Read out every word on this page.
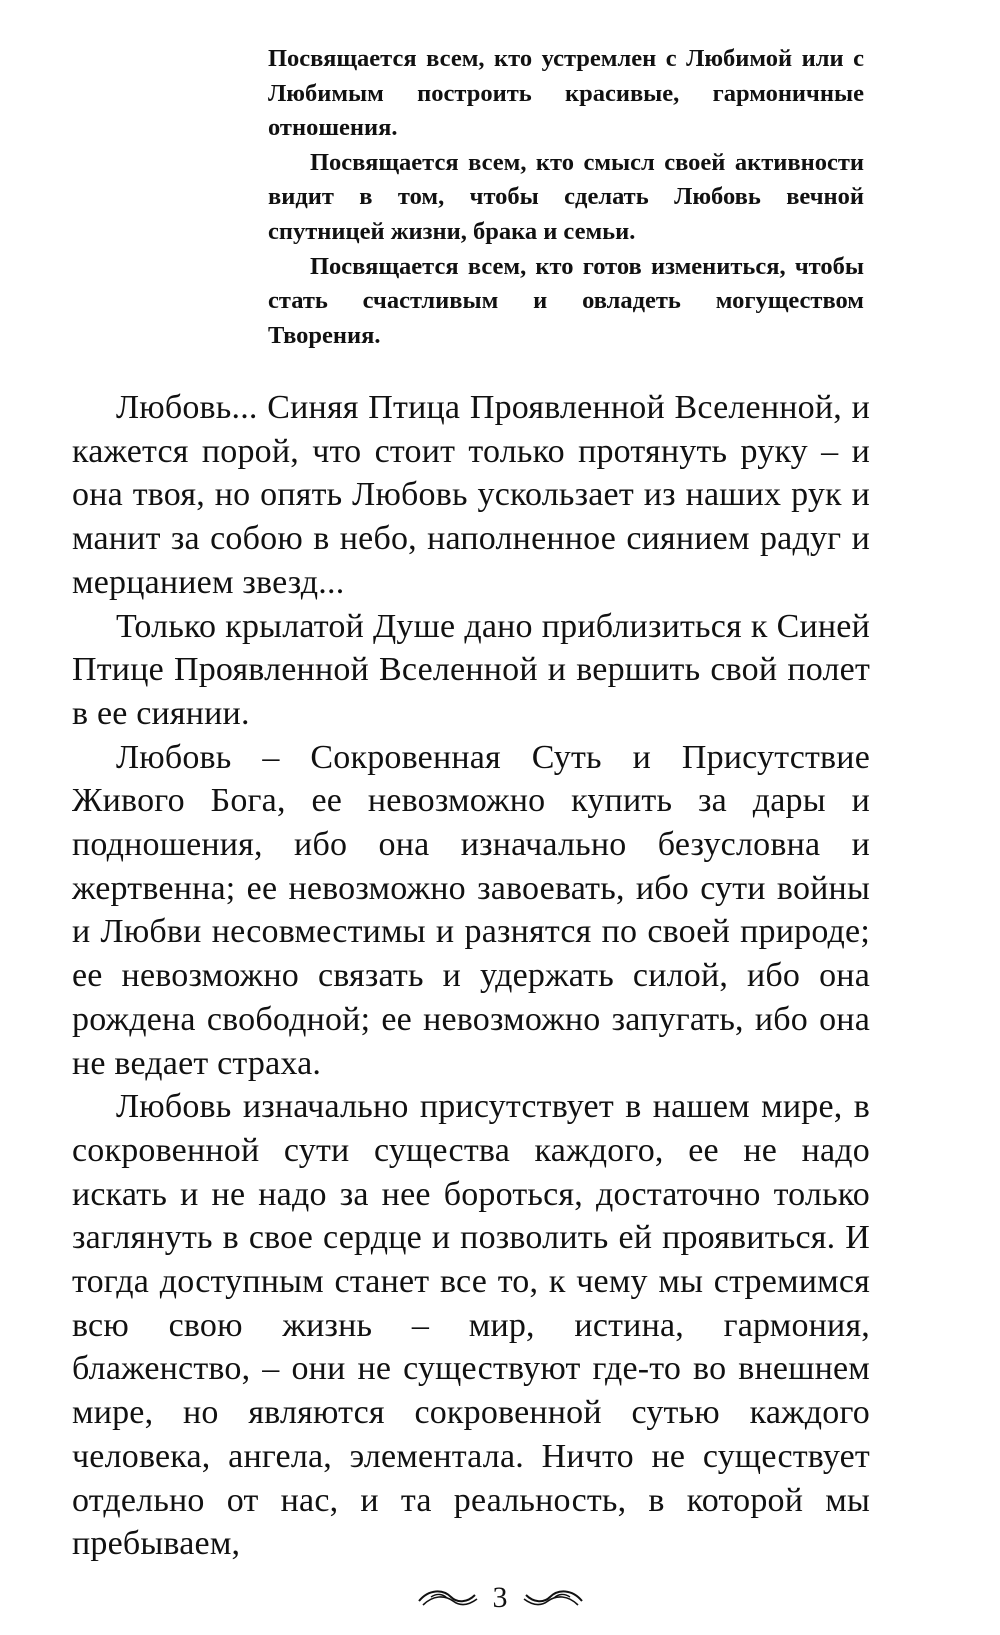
Посвящается всем, кто устремлен с Любимой или с Любимым построить красивые, гармоничные отношения.

Посвящается всем, кто смысл своей активности видит в том, чтобы сделать Любовь вечной спутницей жизни, брака и семьи.

Посвящается всем, кто готов измениться, чтобы стать счастливым и овладеть могуществом Творения.

Любовь... Синяя Птица Проявленной Вселенной, и кажется порой, что стоит только протянуть руку – и она твоя, но опять Любовь ускользает из наших рук и манит за собою в небо, наполненное сиянием радуг и мерцанием звезд...

Только крылатой Душе дано приблизиться к Синей Птице Проявленной Вселенной и вершить свой полет в ее сиянии.

Любовь – Сокровенная Суть и Присутствие Живого Бога, ее невозможно купить за дары и подношения, ибо она изначально безусловна и жертвенна; ее невозможно завоевать, ибо сути войны и Любви несовместимы и разнятся по своей природе; ее невозможно связать и удержать силой, ибо она рождена свободной; ее невозможно запугать, ибо она не ведает страха.

Любовь изначально присутствует в нашем мире, в сокровенной сути существа каждого, ее не надо искать и не надо за нее бороться, достаточно только заглянуть в свое сердце и позволить ей проявиться. И тогда доступным станет все то, к чему мы стремимся всю свою жизнь – мир, истина, гармония, блаженство, – они не существуют где-то во внешнем мире, но являются сокровенной сутью каждого человека, ангела, элементала. Ничто не существует отдельно от нас, и та реальность, в которой мы пребываем,

3
